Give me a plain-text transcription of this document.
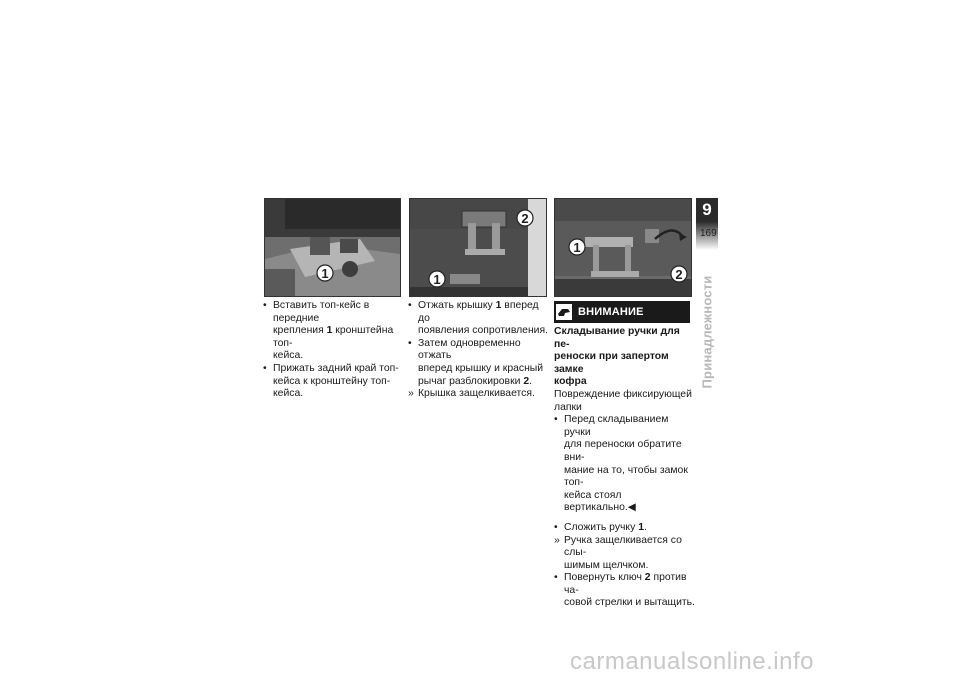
1
2
1
1
2
• Вставить топ-кейс в передние
крепления 1 кронштейна топ-
кейса.
• Прижать задний край топ-
кейса к кронштейну топ-
кейса.
• Отжать крышку 1 вперед до
появления сопротивления.
• Затем одновременно отжать
вперед крышку и красный
рычаг разблокировки 2.
» Крышка защелкивается.
ВНИМАНИЕ
Складывание ручки для пе-
реноски при запертом замке
кофра
Повреждение фиксирующей
лапки
• Перед складыванием ручки
для переноски обратите вни-
мание на то, чтобы замок топ-
кейса стоял вертикально.◀
• Сложить ручку 1.
» Ручка защелкивается со слы-
шимым щелчком.
• Повернуть ключ 2 против ча-
совой стрелки и вытащить.
9
169
Принадлежности
carmanualsonline.info
